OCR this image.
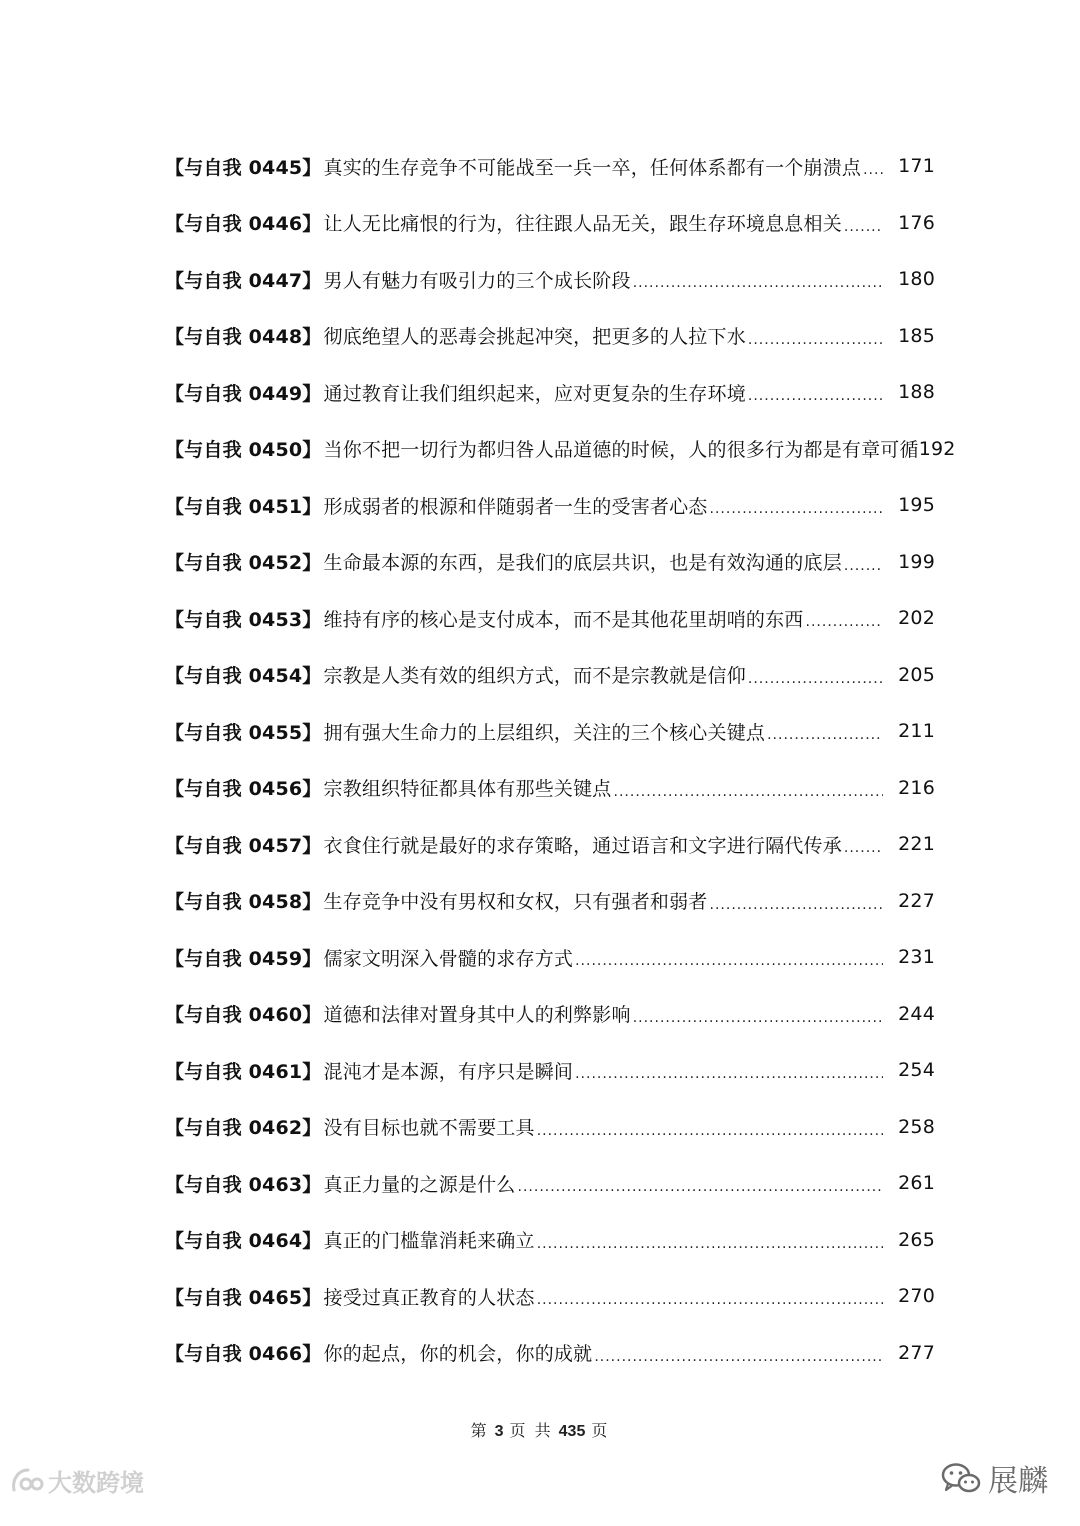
【与自我 0445】 真实的生存竞争不可能战至一兵一卒，任何体系都有一个崩溃点 .....	171
【与自我 0446】 让人无比痛恨的行为，往往跟人品无关，跟生存环境息息相关 .....	176
【与自我 0447】 男人有魅力有吸引力的三个成长阶段 .....	180
【与自我 0448】 彻底绝望人的恶毒会挑起冲突，把更多的人拉下水 .....	185
【与自我 0449】 通过教育让我们组织起来，应对更复杂的生存环境 .....	188
【与自我 0450】 当你不把一切行为都归咎人品道德的时候，人的很多行为都是有章可循 192
【与自我 0451】 形成弱者的根源和伴随弱者一生的受害者心态 .....	195
【与自我 0452】 生命最本源的东西，是我们的底层共识，也是有效沟通的底层 .....	199
【与自我 0453】 维持有序的核心是支付成本，而不是其他花里胡哨的东西 .....	202
【与自我 0454】 宗教是人类有效的组织方式，而不是宗教就是信仰 .....	205
【与自我 0455】 拥有强大生命力的上层组织，关注的三个核心关键点 .....	211
【与自我 0456】 宗教组织特征都具体有那些关键点 .....	216
【与自我 0457】 衣食住行就是最好的求存策略，通过语言和文字进行隔代传承 .....	221
【与自我 0458】 生存竞争中没有男权和女权，只有强者和弱者 .....	227
【与自我 0459】 儒家文明深入骨髓的求存方式 .....	231
【与自我 0460】 道德和法律对置身其中人的利弊影响 .....	244
【与自我 0461】 混沌才是本源，有序只是瞬间 .....	254
【与自我 0462】 没有目标也就不需要工具 .....	258
【与自我 0463】 真正力量的之源是什么 .....	261
【与自我 0464】 真正的门槛靠消耗来确立 .....	265
【与自我 0465】 接受过真正教育的人状态 .....	270
【与自我 0466】 你的起点，你的机会，你的成就 .....	277
第 3 页 共 435 页
大数跨境	展麟
